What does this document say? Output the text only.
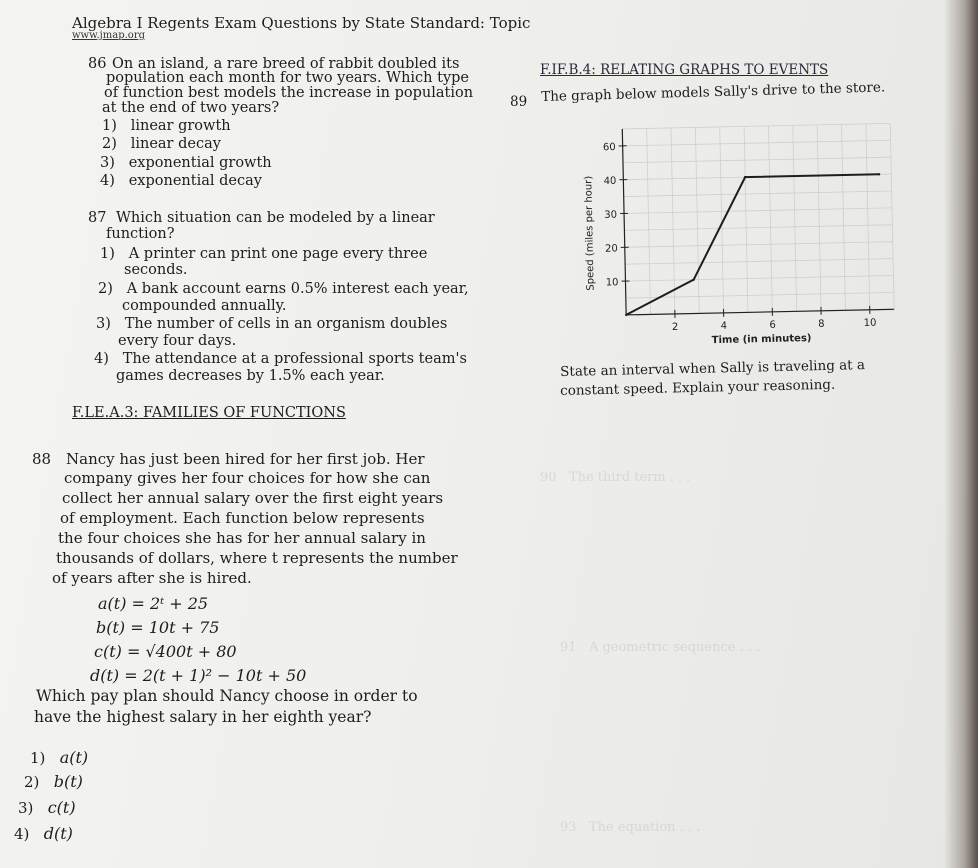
90   The third term . . .
91   A geometric sequence . . .
93   The equation . . .
Algebra I Regents Exam Questions by State Standard: Topic
www.jmap.org
86 On an island, a rare breed of rabbit doubled its
population each month for two years. Which type
of function best models the increase in population
at the end of two years?
1) linear growth
2) linear decay
3) exponential growth
4) exponential decay
87 Which situation can be modeled by a linear
function?
1) A printer can print one page every three
seconds.
2) A bank account earns 0.5% interest each year,
compounded annually.
3) The number of cells in an organism doubles
every four days.
4) The attendance at a professional sports team's
games decreases by 1.5% each year.
F.LE.A.3: FAMILIES OF FUNCTIONS
88 Nancy has just been hired for her first job. Her
company gives her four choices for how she can
collect her annual salary over the first eight years
of employment. Each function below represents
the four choices she has for her annual salary in
thousands of dollars, where t represents the number
of years after she is hired.
a(t) = 2ᵗ + 25
b(t) = 10t + 75
c(t) = √400t + 80
d(t) = 2(t + 1)² − 10t + 50
Which pay plan should Nancy choose in order to
have the highest salary in her eighth year?
1) a(t)
2) b(t)
3) c(t)
4) d(t)
F.IF.B.4: RELATING GRAPHS TO EVENTS
89 The graph below models Sally's drive to the store.
2	4	6	8	10
10
20
30
40
60
Speed (miles per hour)
Time (in minutes)
State an interval when Sally is traveling at a
constant speed. Explain your reasoning.
